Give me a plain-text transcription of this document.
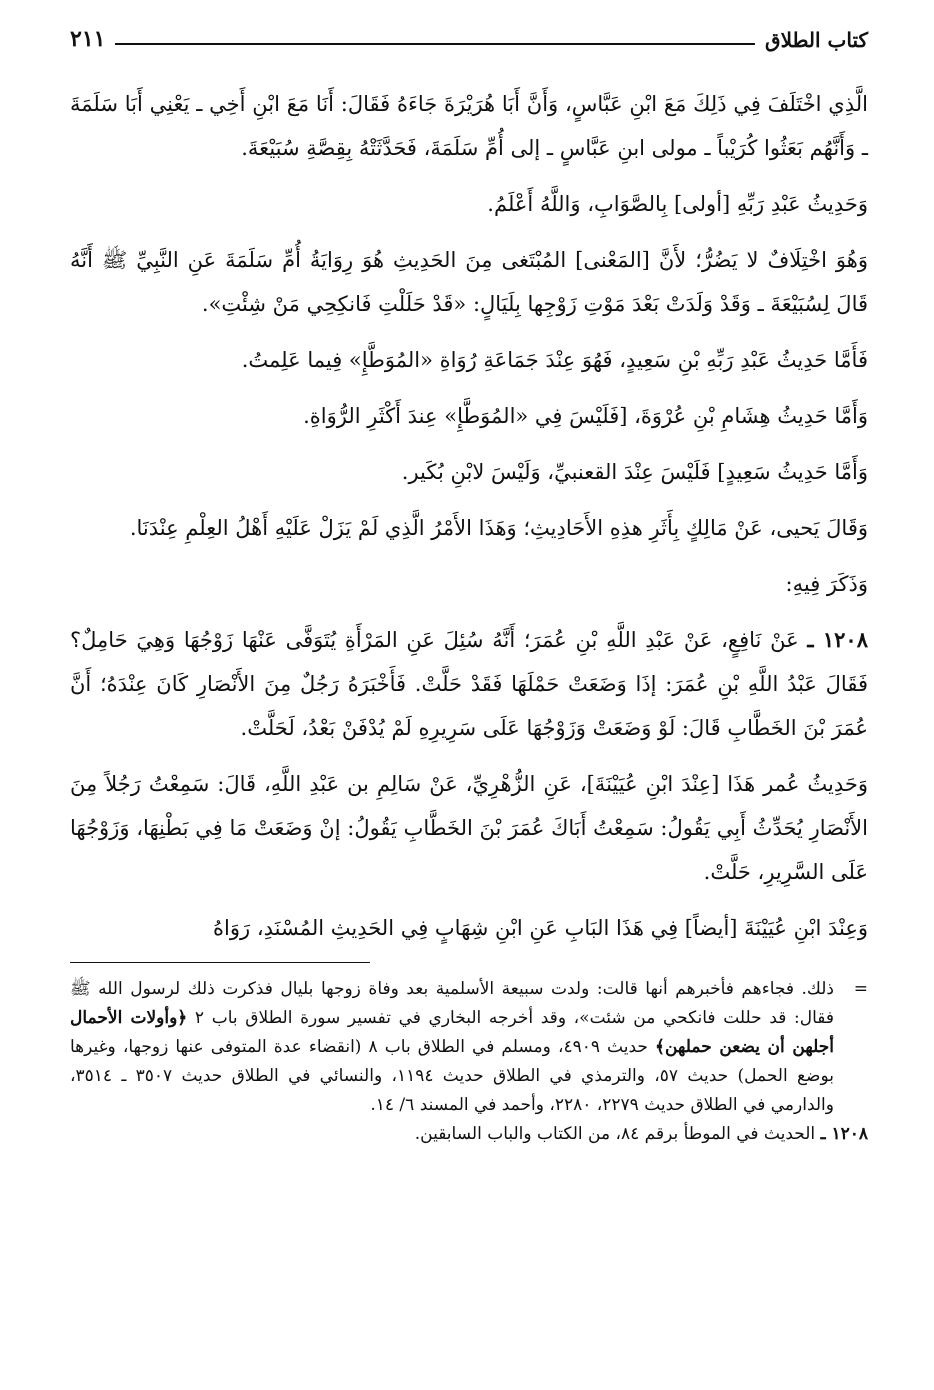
كتاب الطلاق
٢١١

الَّذِي اخْتَلَفَ فِي ذَلِكَ مَعَ ابْنِ عَبَّاسٍ، وَأَنَّ أَبَا هُرَيْرَةَ جَاءَهُ فَقَالَ: أَنَا مَعَ ابْنِ أَخِي ـ يَعْنِي أَبَا سَلَمَةَ ـ وَأَنَّهُم بَعَثُوا كُرَيْباً ـ مولى ابنِ عَبَّاسٍ ـ إلى أُمِّ سَلَمَةَ، فَحَدَّثَتْهُ بِقِصَّةِ سُبَيْعَةَ.

وَحَدِيثُ عَبْدِ رَبِّهِ [أولى] بِالصَّوَابِ، وَاللَّهُ أَعْلَمُ.

وَهُوَ اخْتِلَافٌ لا يَضُرُّ؛ لأَنَّ [المَعْنى] المُبْتَغى مِنَ الحَدِيثِ هُوَ رِوَايَةُ أُمِّ سَلَمَةَ عَنِ النَّبِيِّ ﷺ أَنَّهُ قَالَ لِسُبَيْعَةَ ـ وَقَدْ وَلَدَتْ بَعْدَ مَوْتِ زَوْجِها بِلَيَالٍ: «قَدْ حَلَلْتِ فَانكِحِي مَنْ شِئْتِ».

فَأَمَّا حَدِيثُ عَبْدِ رَبِّهِ بْنِ سَعِيدٍ، فَهُوَ عِنْدَ جَمَاعَةِ رُوَاةِ «المُوَطَّإِ» فِيما عَلِمتُ.

وَأَمَّا حَدِيثُ هِشَامِ بْنِ عُرْوَةَ، [فَلَيْسَ فِي «المُوَطَّإِ» عِندَ أَكْثَرِ الرُّوَاةِ.

وَأَمَّا حَدِيثُ سَعِيدٍ] فَلَيْسَ عِنْدَ القعنبيِّ، وَلَيْسَ لابْنِ بُكَير.

وَقَالَ يَحيى، عَنْ مَالِكٍ بِأَثَرِ هذِهِ الأَحَادِيثِ؛ وَهَذَا الأَمْرُ الَّذِي لَمْ يَزَلْ عَلَيْهِ أَهْلُ العِلْمِ عِنْدَنَا.

وَذَكَرَ فِيهِ:

١٢٠٨ ـ عَنْ نَافِعٍ، عَنْ عَبْدِ اللَّهِ بْنِ عُمَرَ؛ أَنَّهُ سُئِلَ عَنِ المَرْأَةِ يُتَوَفَّى عَنْهَا زَوْجُهَا وَهِيَ حَامِلٌ؟ فَقَالَ عَبْدُ اللَّهِ بْنِ عُمَرَ: إذَا وَضَعَتْ حَمْلَهَا فَقَدْ حَلَّتْ. فَأَخْبَرَهُ رَجُلٌ مِنَ الأَنْصَارِ كَانَ عِنْدَهُ؛ أَنَّ عُمَرَ بْنَ الخَطَّابِ قَالَ: لَوْ وَضَعَتْ وَزَوْجُهَا عَلَى سَرِيرِهِ لَمْ يُدْفَنْ بَعْدُ، لَحَلَّتْ.

وَحَدِيثُ عُمر هَذَا [عِنْدَ ابْنِ عُيَيْنَةَ]، عَنِ الزُّهْرِيِّ، عَنْ سَالِمِ بن عَبْدِ اللَّهِ، قَالَ: سَمِعْتُ رَجُلاً مِنَ الأَنْصَارِ يُحَدِّثُ أَبِي يَقُولُ: سَمِعْتُ أَبَاكَ عُمَرَ بْنَ الخَطَّابِ يَقُولُ: إنْ وَضَعَتْ مَا فِي بَطْنِهَا، وَزَوْجُهَا عَلَى السَّرِيرِ، حَلَّتْ.

وَعِنْدَ ابْنِ عُيَيْنَةَ [أيضاً] فِي هَذَا البَابِ عَنِ ابْنِ شِهَابٍ فِي الحَدِيثِ المُسْنَدِ، رَوَاهُ

=
ذلك. فجاءهم فأخبرهم أنها قالت: ولدت سبيعة الأسلمية بعد وفاة زوجها بليال فذكرت ذلك لرسول الله ﷺ فقال: قد حللت فانكحي من شئت»، وقد أخرجه البخاري في تفسير سورة الطلاق باب ٢ ﴿وأولات الأحمال أجلهن أن يضعن حملهن﴾ حديث ٤٩٠٩، ومسلم في الطلاق باب ٨ (انقضاء عدة المتوفى عنها زوجها، وغيرها بوضع الحمل) حديث ٥٧، والترمذي في الطلاق حديث ١١٩٤، والنسائي في الطلاق حديث ٣٥٠٧ ـ ٣٥١٤، والدارمي في الطلاق حديث ٢٢٧٩، ٢٢٨٠، وأحمد في المسند ٦/ ١٤.

١٢٠٨ ـ الحديث في الموطأ برقم ٨٤، من الكتاب والباب السابقين.
